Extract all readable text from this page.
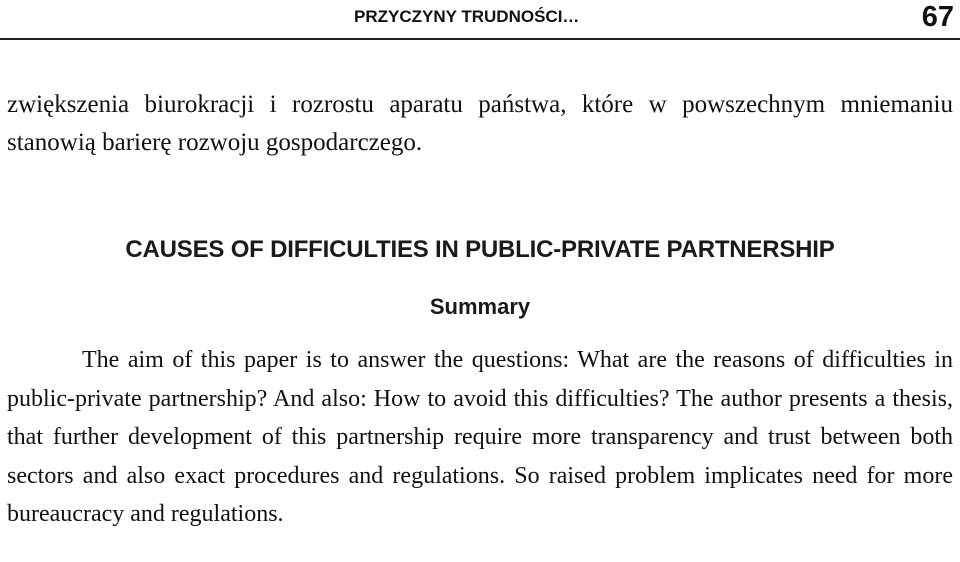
PRZYCZYNY TRUDNOŚCI…	67

zwiększenia biurokracji i rozrostu aparatu państwa, które w powszechnym mniemaniu stanowią barierę rozwoju gospodarczego.

CAUSES OF DIFFICULTIES IN PUBLIC-PRIVATE PARTNERSHIP
Summary

The aim of this paper is to answer the questions: What are the reasons of difficulties in public-private partnership? And also: How to avoid this difficulties? The author presents a thesis, that further development of this partnership require more transparency and trust between both sectors and also exact procedures and regulations. So raised problem implicates need for more bureaucracy and regulations.
